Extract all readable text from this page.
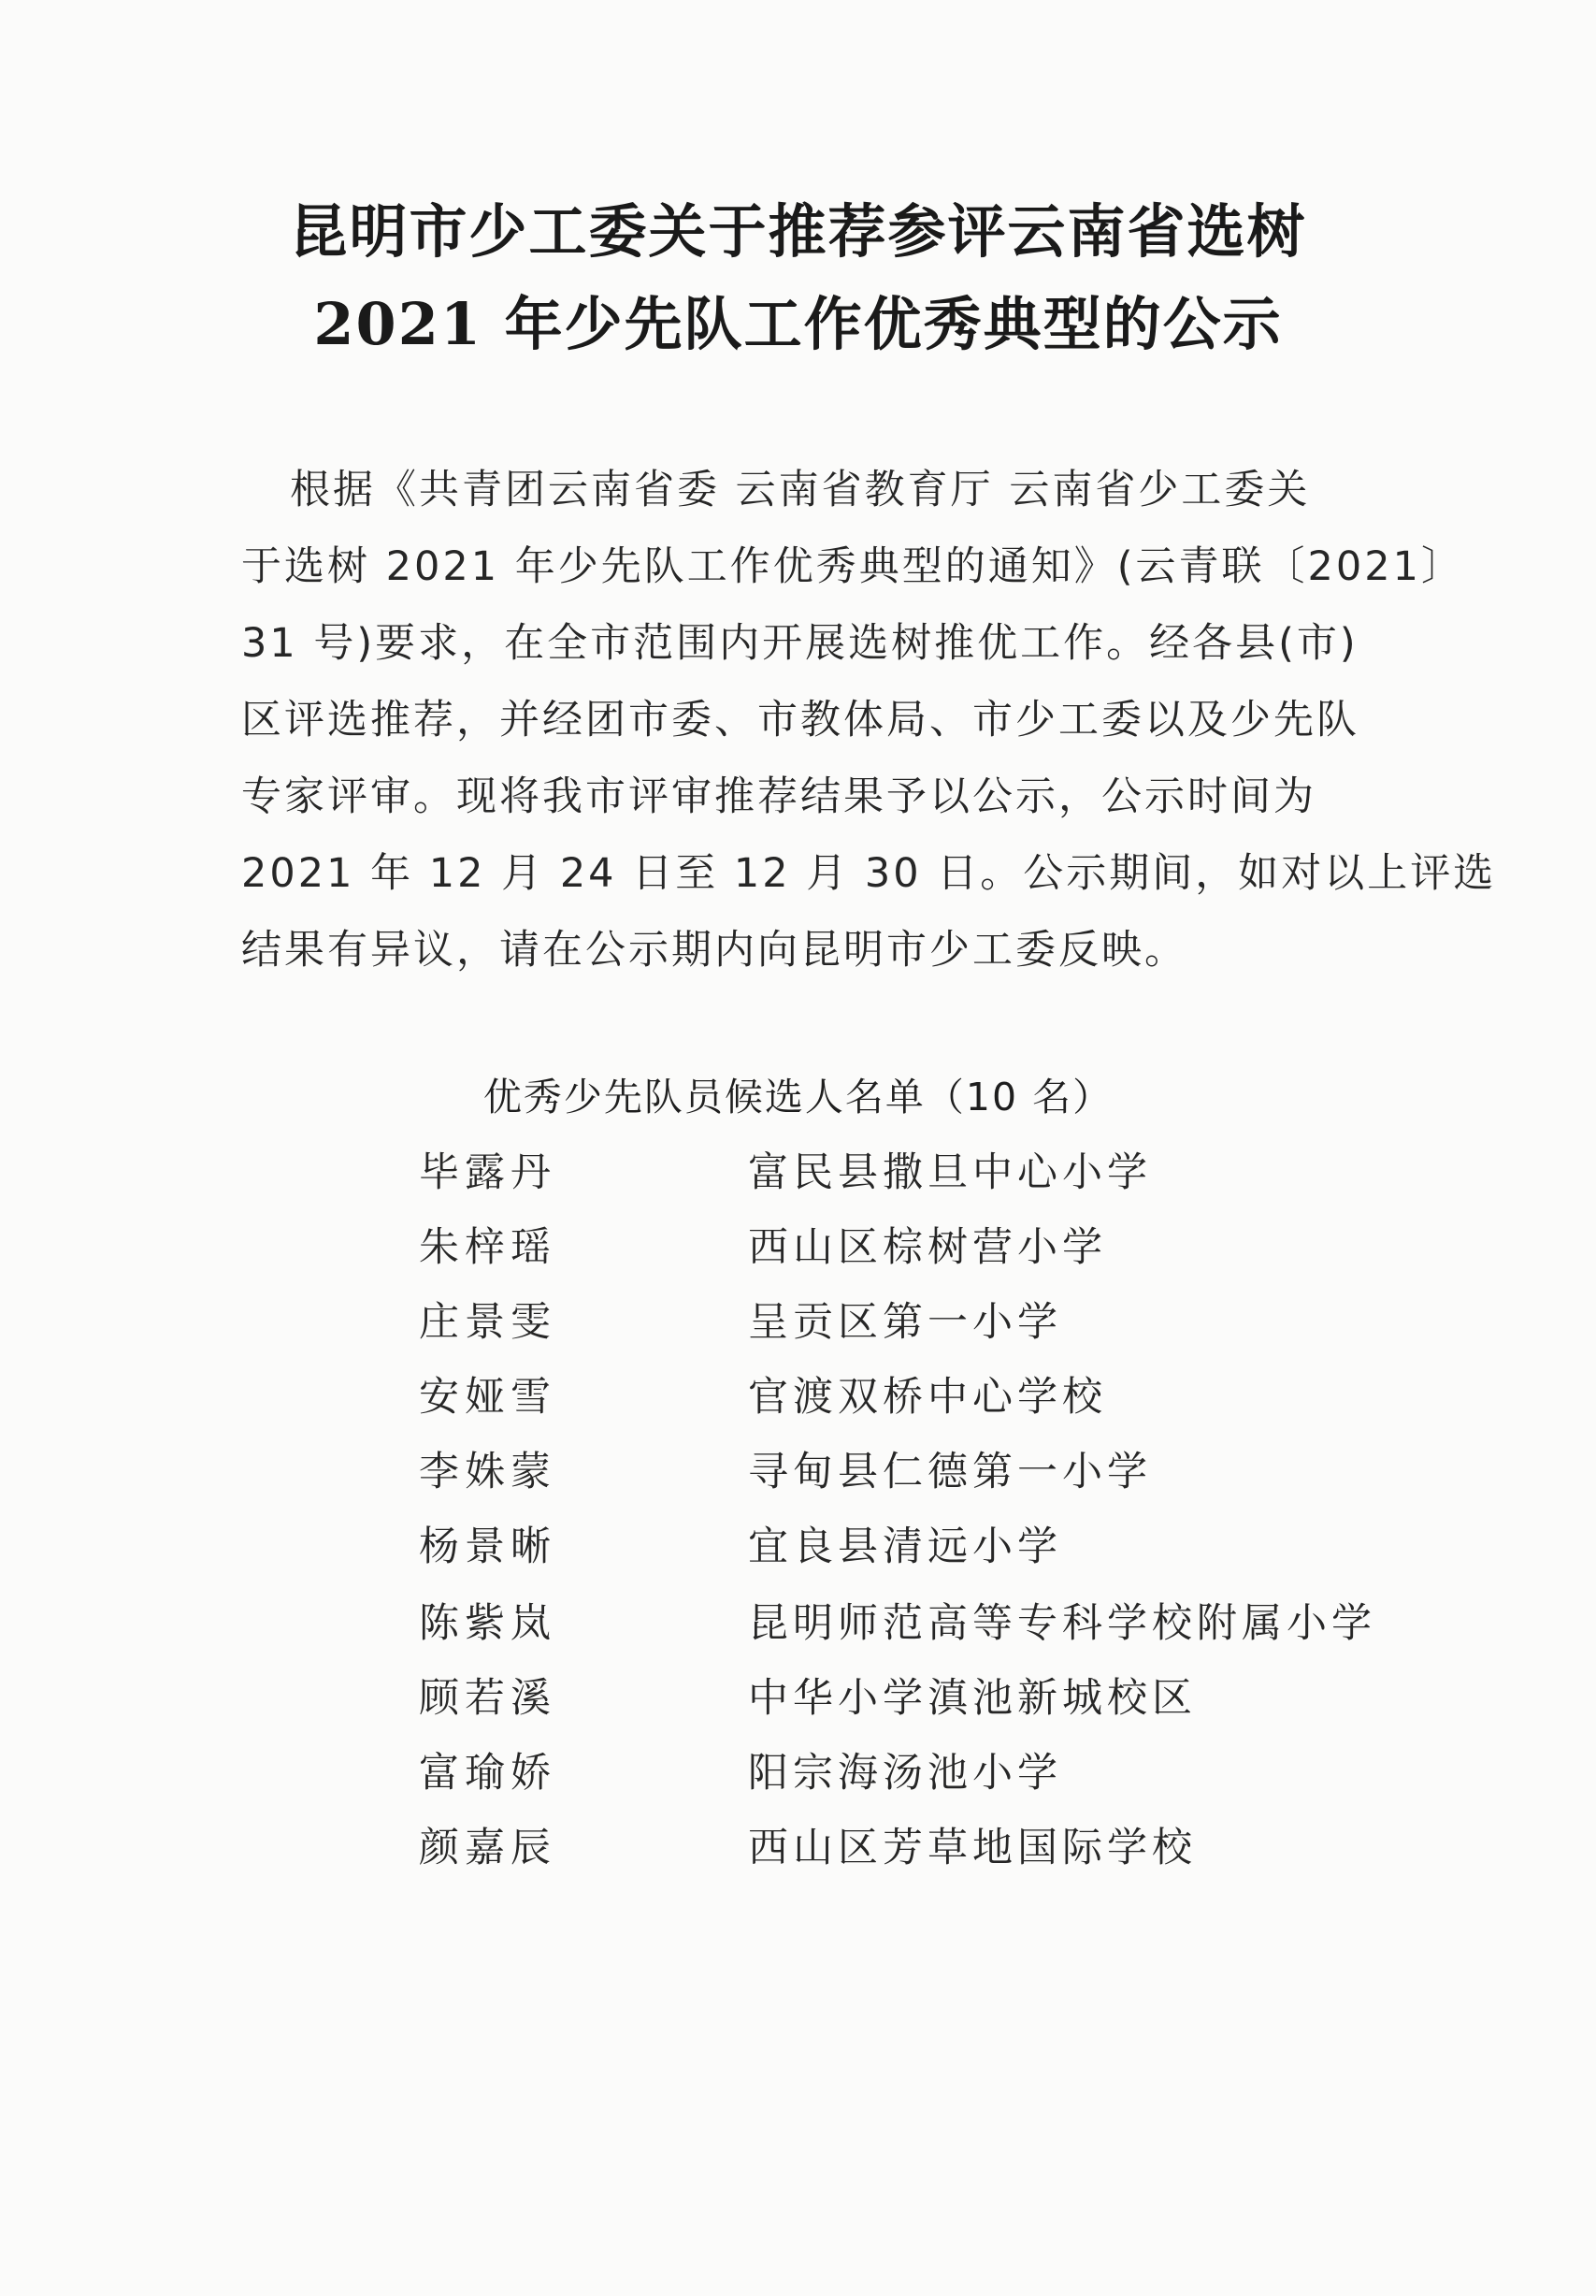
昆明市少工委关于推荐参评云南省选树
2021 年少先队工作优秀典型的公示
　　根据《共青团云南省委 云南省教育厅 云南省少工委关
于选树 2021 年少先队工作优秀典型的通知》(云青联〔2021〕
31 号)要求，在全市范围内开展选树推优工作。经各县(市)
区评选推荐，并经团市委、市教体局、市少工委以及少先队
专家评审。现将我市评审推荐结果予以公示，公示时间为
2021 年 12 月 24 日至 12 月 30 日。公示期间，如对以上评选
结果有异议，请在公示期内向昆明市少工委反映。
优秀少先队员候选人名单（10 名）
毕露丹	富民县撒旦中心小学
朱梓瑶	西山区棕树营小学
庄景雯	呈贡区第一小学
安娅雪	官渡双桥中心学校
李姝蒙	寻甸县仁德第一小学
杨景晰	宜良县清远小学
陈紫岚	昆明师范高等专科学校附属小学
顾若溪	中华小学滇池新城校区
富瑜娇	阳宗海汤池小学
颜嘉辰	西山区芳草地国际学校
